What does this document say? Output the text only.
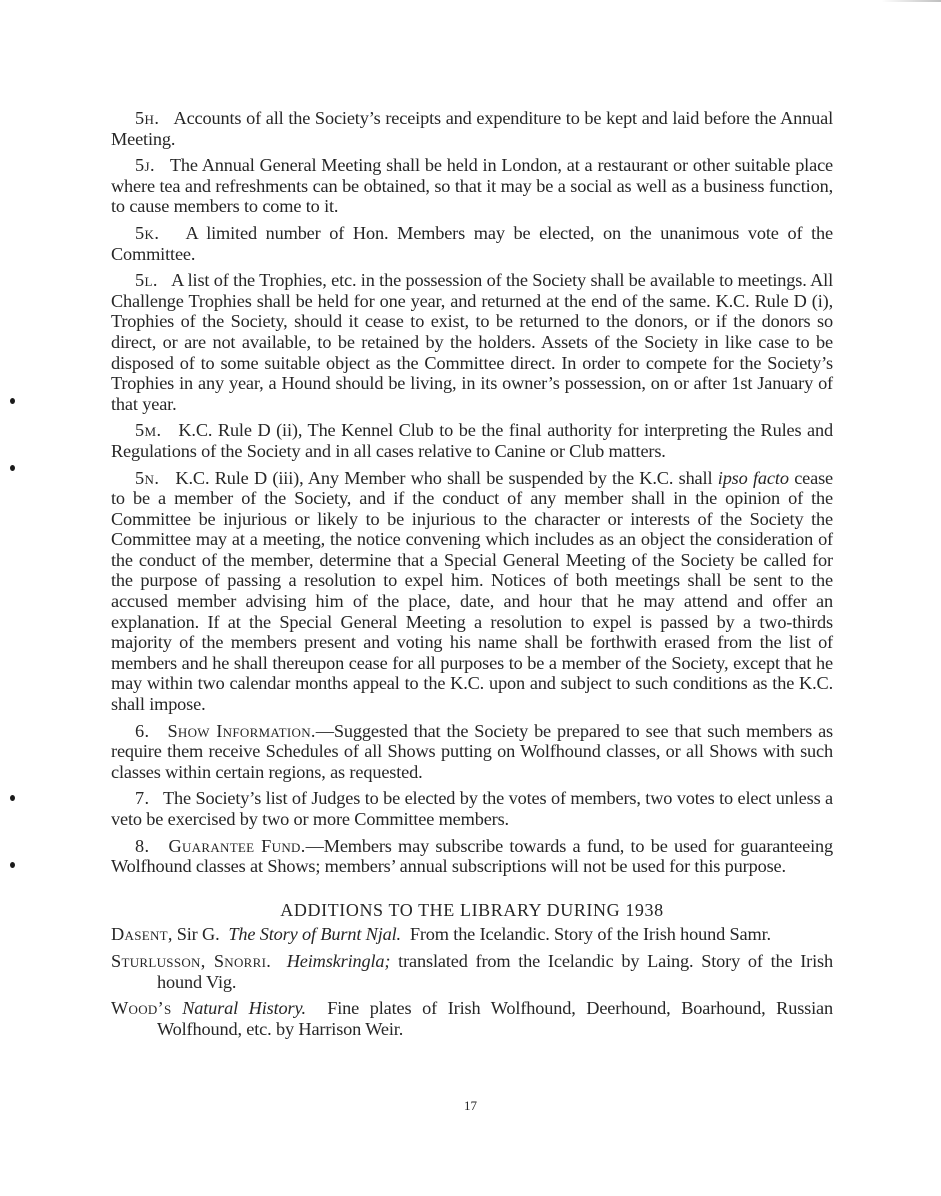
5h. Accounts of all the Society’s receipts and expenditure to be kept and laid before the Annual Meeting.

5j. The Annual General Meeting shall be held in London, at a restaurant or other suitable place where tea and refreshments can be obtained, so that it may be a social as well as a business function, to cause members to come to it.

5k. A limited number of Hon. Members may be elected, on the unanimous vote of the Committee.

5l. A list of the Trophies, etc. in the possession of the Society shall be available to meetings. All Challenge Trophies shall be held for one year, and returned at the end of the same. K.C. Rule D (i), Trophies of the Society, should it cease to exist, to be returned to the donors, or if the donors so direct, or are not available, to be retained by the holders. Assets of the Society in like case to be disposed of to some suitable object as the Committee direct. In order to compete for the Society’s Trophies in any year, a Hound should be living, in its owner’s possession, on or after 1st January of that year.

5m. K.C. Rule D (ii), The Kennel Club to be the final authority for interpreting the Rules and Regulations of the Society and in all cases relative to Canine or Club matters.

5n. K.C. Rule D (iii), Any Member who shall be suspended by the K.C. shall ipso facto cease to be a member of the Society, and if the conduct of any member shall in the opinion of the Committee be injurious or likely to be injurious to the character or interests of the Society the Committee may at a meeting, the notice convening which includes as an object the consideration of the conduct of the member, determine that a Special General Meeting of the Society be called for the purpose of passing a resolution to expel him. Notices of both meetings shall be sent to the accused member advising him of the place, date, and hour that he may attend and offer an explanation. If at the Special General Meeting a resolution to expel is passed by a two-thirds majority of the members present and voting his name shall be forthwith erased from the list of members and he shall thereupon cease for all purposes to be a member of the Society, except that he may within two calendar months appeal to the K.C. upon and subject to such conditions as the K.C. shall impose.

6. Show Information.—Suggested that the Society be prepared to see that such members as require them receive Schedules of all Shows putting on Wolfhound classes, or all Shows with such classes within certain regions, as requested.

7. The Society’s list of Judges to be elected by the votes of members, two votes to elect unless a veto be exercised by two or more Committee members.

8. Guarantee Fund.—Members may subscribe towards a fund, to be used for guaranteeing Wolfhound classes at Shows; members’ annual subscriptions will not be used for this purpose.

ADDITIONS TO THE LIBRARY DURING 1938

Dasent, Sir G. The Story of Burnt Njal. From the Icelandic. Story of the Irish hound Samr.

Sturlusson, Snorri. Heimskringla; translated from the Icelandic by Laing. Story of the Irish hound Vig.

Wood’s Natural History. Fine plates of Irish Wolfhound, Deerhound, Boarhound, Russian Wolfhound, etc. by Harrison Weir.

17
